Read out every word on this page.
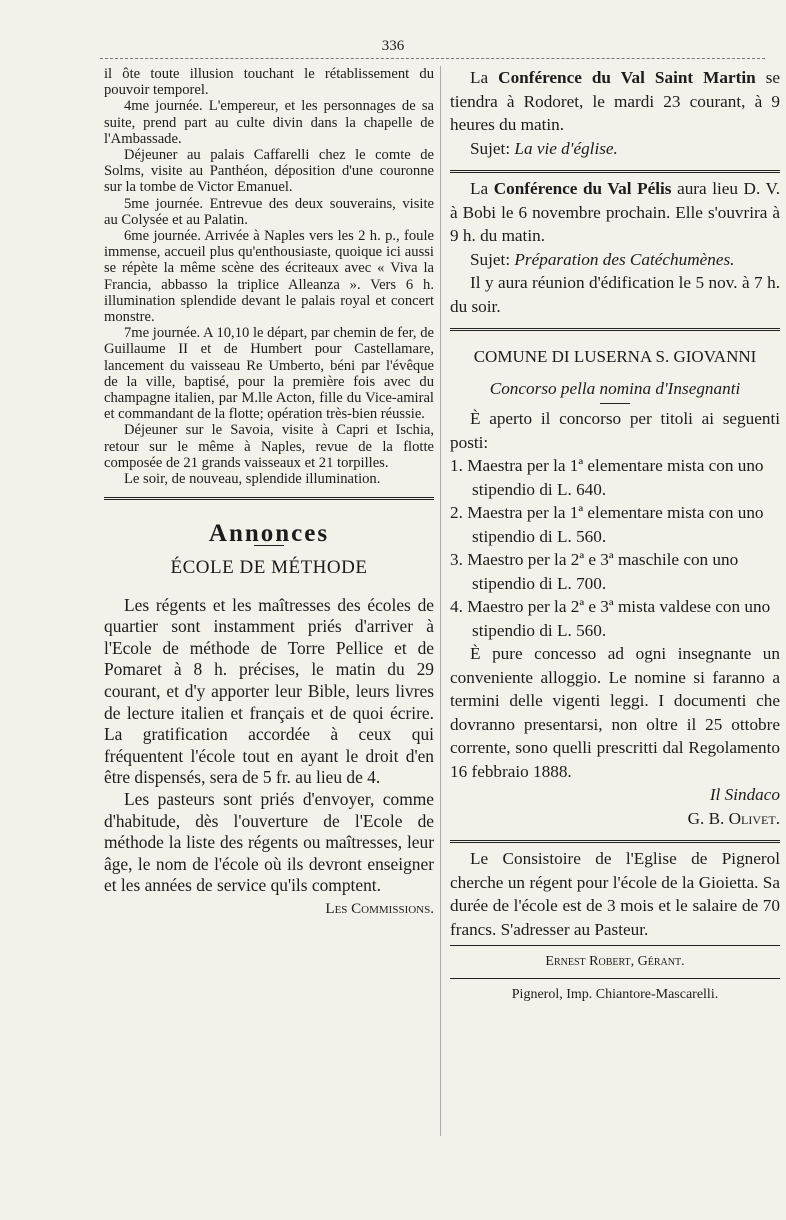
336

il ôte toute illusion touchant le rétablissement du pouvoir temporel.

4me journée. L'empereur, et les personnages de sa suite, prend part au culte divin dans la chapelle de l'Ambassade.

Déjeuner au palais Caffarelli chez le comte de Solms, visite au Panthéon, déposition d'une couronne sur la tombe de Victor Emanuel.

5me journée. Entrevue des deux souverains, visite au Colysée et au Palatin.

6me journée. Arrivée à Naples vers les 2 h. p., foule immense, accueil plus qu'enthousiaste, quoique ici aussi se répète la même scène des écriteaux avec « Viva la Francia, abbasso la triplice Alleanza ». Vers 6 h. illumination splendide devant le palais royal et concert monstre.

7me journée. A 10,10 le départ, par chemin de fer, de Guillaume II et de Humbert pour Castellamare, lancement du vaisseau Re Umberto, béni par l'évêque de la ville, baptisé, pour la première fois avec du champagne italien, par M.lle Acton, fille du Vice-amiral et commandant de la flotte; opération très-bien réussie.

Déjeuner sur le Savoia, visite à Capri et Ischia, retour sur le même à Naples, revue de la flotte composée de 21 grands vaisseaux et 21 torpilles.

Le soir, de nouveau, splendide illumination.

Annonces
ÉCOLE DE MÉTHODE

Les régents et les maîtresses des écoles de quartier sont instamment priés d'arriver à l'Ecole de méthode de Torre Pellice et de Pomaret à 8 h. précises, le matin du 29 courant, et d'y apporter leur Bible, leurs livres de lecture italien et français et de quoi écrire. La gratification accordée à ceux qui fréquentent l'école tout en ayant le droit d'en être dispensés, sera de 5 fr. au lieu de 4.

Les pasteurs sont priés d'envoyer, comme d'habitude, dès l'ouverture de l'Ecole de méthode la liste des régents ou maîtresses, leur âge, le nom de l'école où ils devront enseigner et les années de service qu'ils comptent.

Les Commissions.

La Conférence du Val Saint Martin se tiendra à Rodoret, le mardi 23 courant, à 9 heures du matin.

Sujet: La vie d'église.

La Conférence du Val Pélis aura lieu D. V. à Bobi le 6 novembre prochain. Elle s'ouvrira à 9 h. du matin.

Sujet: Préparation des Catéchumènes.

Il y aura réunion d'édification le 5 nov. à 7 h. du soir.

COMUNE DI LUSERNA S. GIOVANNI
Concorso pella nomina d'Insegnanti

È aperto il concorso per titoli ai seguenti posti:

1. Maestra per la 1ª elementare mista con uno stipendio di L. 640.

2. Maestra per la 1ª elementare mista con uno stipendio di L. 560.

3. Maestro per la 2ª e 3ª maschile con uno stipendio di L. 700.

4. Maestro per la 2ª e 3ª mista valdese con uno stipendio di L. 560.

È pure concesso ad ogni insegnante un conveniente alloggio. Le nomine si faranno a termini delle vigenti leggi. I documenti che dovranno presentarsi, non oltre il 25 ottobre corrente, sono quelli prescritti dal Regolamento 16 febbraio 1888.

Il Sindaco

G. B. Olivet.

Le Consistoire de l'Eglise de Pignerol cherche un régent pour l'école de la Gioietta. Sa durée de l'école est de 3 mois et le salaire de 70 francs. S'adresser au Pasteur.

Ernest Robert, Gérant.
Pignerol, Imp. Chiantore-Mascarelli.
